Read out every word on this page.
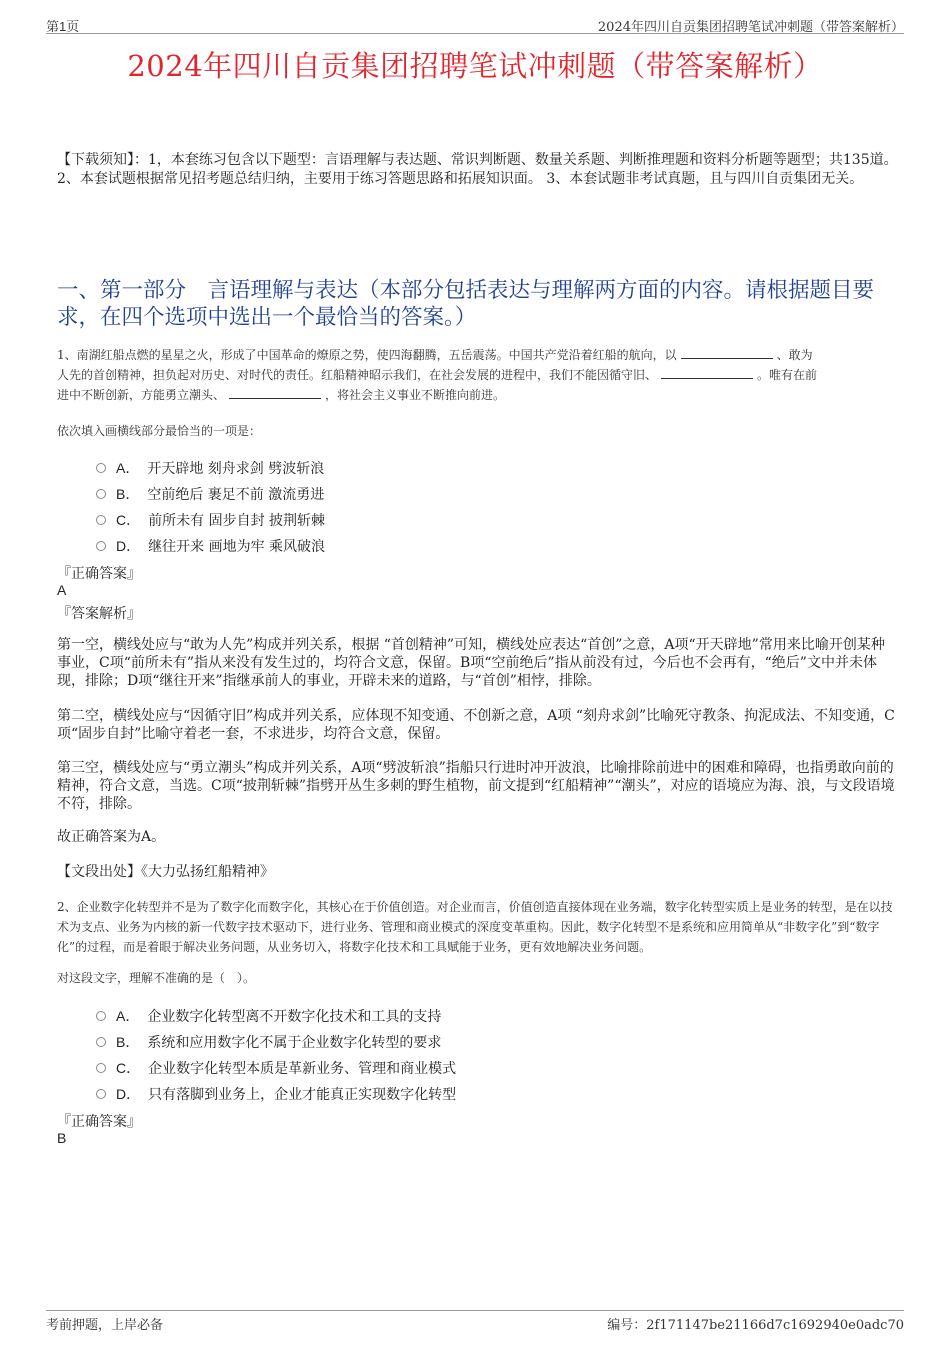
第1页	2024年四川自贡集团招聘笔试冲刺题（带答案解析）
2024年四川自贡集团招聘笔试冲刺题（带答案解析）
【下载须知】：1，本套练习包含以下题型：言语理解与表达题、常识判断题、数量关系题、判断推理题和资料分析题等题型；共135道。 2、本套试题根据常见招考题总结归纳，主要用于练习答题思路和拓展知识面。 3、本套试题非考试真题，且与四川自贡集团无关。
一、第一部分　言语理解与表达（本部分包括表达与理解两方面的内容。请根据题目要求，在四个选项中选出一个最恰当的答案。）
1、南湖红船点燃的星星之火，形成了中国革命的燎原之势，使四海翻腾，五岳震荡。中国共产党沿着红船的航向，以	、敢为
人先的首创精神，担负起对历史、对时代的责任。红船精神昭示我们，在社会发展的进程中，我们不能因循守旧、	。唯有在前
进中不断创新，方能勇立潮头、	，将社会主义事业不断推向前进。
依次填入画横线部分最恰当的一项是：
A． 开天辟地 刻舟求剑 劈波斩浪
B． 空前绝后 裹足不前 激流勇进
C． 前所未有 固步自封 披荆斩棘
D． 继往开来 画地为牢 乘风破浪
『正确答案』
A
『答案解析』
第一空，横线处应与“敢为人先”构成并列关系，根据 “首创精神”可知，横线处应表达“首创”之意，A项“开天辟地”常用来比喻开创某种事业，C项“前所未有”指从来没有发生过的，均符合文意，保留。B项“空前绝后”指从前没有过，今后也不会再有，“绝后”文中并未体现，排除；D项“继往开来”指继承前人的事业，开辟未来的道路，与“首创”相悖，排除。
第二空，横线处应与“因循守旧”构成并列关系，应体现不知变通、不创新之意，A项 “刻舟求剑”比喻死守教条、拘泥成法、不知变通，C项“固步自封”比喻守着老一套，不求进步，均符合文意，保留。
第三空，横线处应与“勇立潮头”构成并列关系，A项“劈波斩浪”指船只行进时冲开波浪，比喻排除前进中的困难和障碍，也指勇敢向前的精神，符合文意，当选。C项“披荆斩棘”指劈开丛生多刺的野生植物，前文提到“红船精神”“潮头”，对应的语境应为海、浪，与文段语境不符，排除。
故正确答案为A。
【文段出处】《大力弘扬红船精神》
2、企业数字化转型并不是为了数字化而数字化，其核心在于价值创造。对企业而言，价值创造直接体现在业务端，数字化转型实质上是业务的转型，是在以技术为支点、业务为内核的新一代数字技术驱动下，进行业务、管理和商业模式的深度变革重构。因此，数字化转型不是系统和应用简单从“非数字化”到“数字化”的过程，而是着眼于解决业务问题，从业务切入，将数字化技术和工具赋能于业务，更有效地解决业务问题。
对这段文字，理解不准确的是（　）。
A． 企业数字化转型离不开数字化技术和工具的支持
B． 系统和应用数字化不属于企业数字化转型的要求
C． 企业数字化转型本质是革新业务、管理和商业模式
D． 只有落脚到业务上，企业才能真正实现数字化转型
『正确答案』
B
考前押题，上岸必备	编号：2f171147be21166d7c1692940e0adc70
